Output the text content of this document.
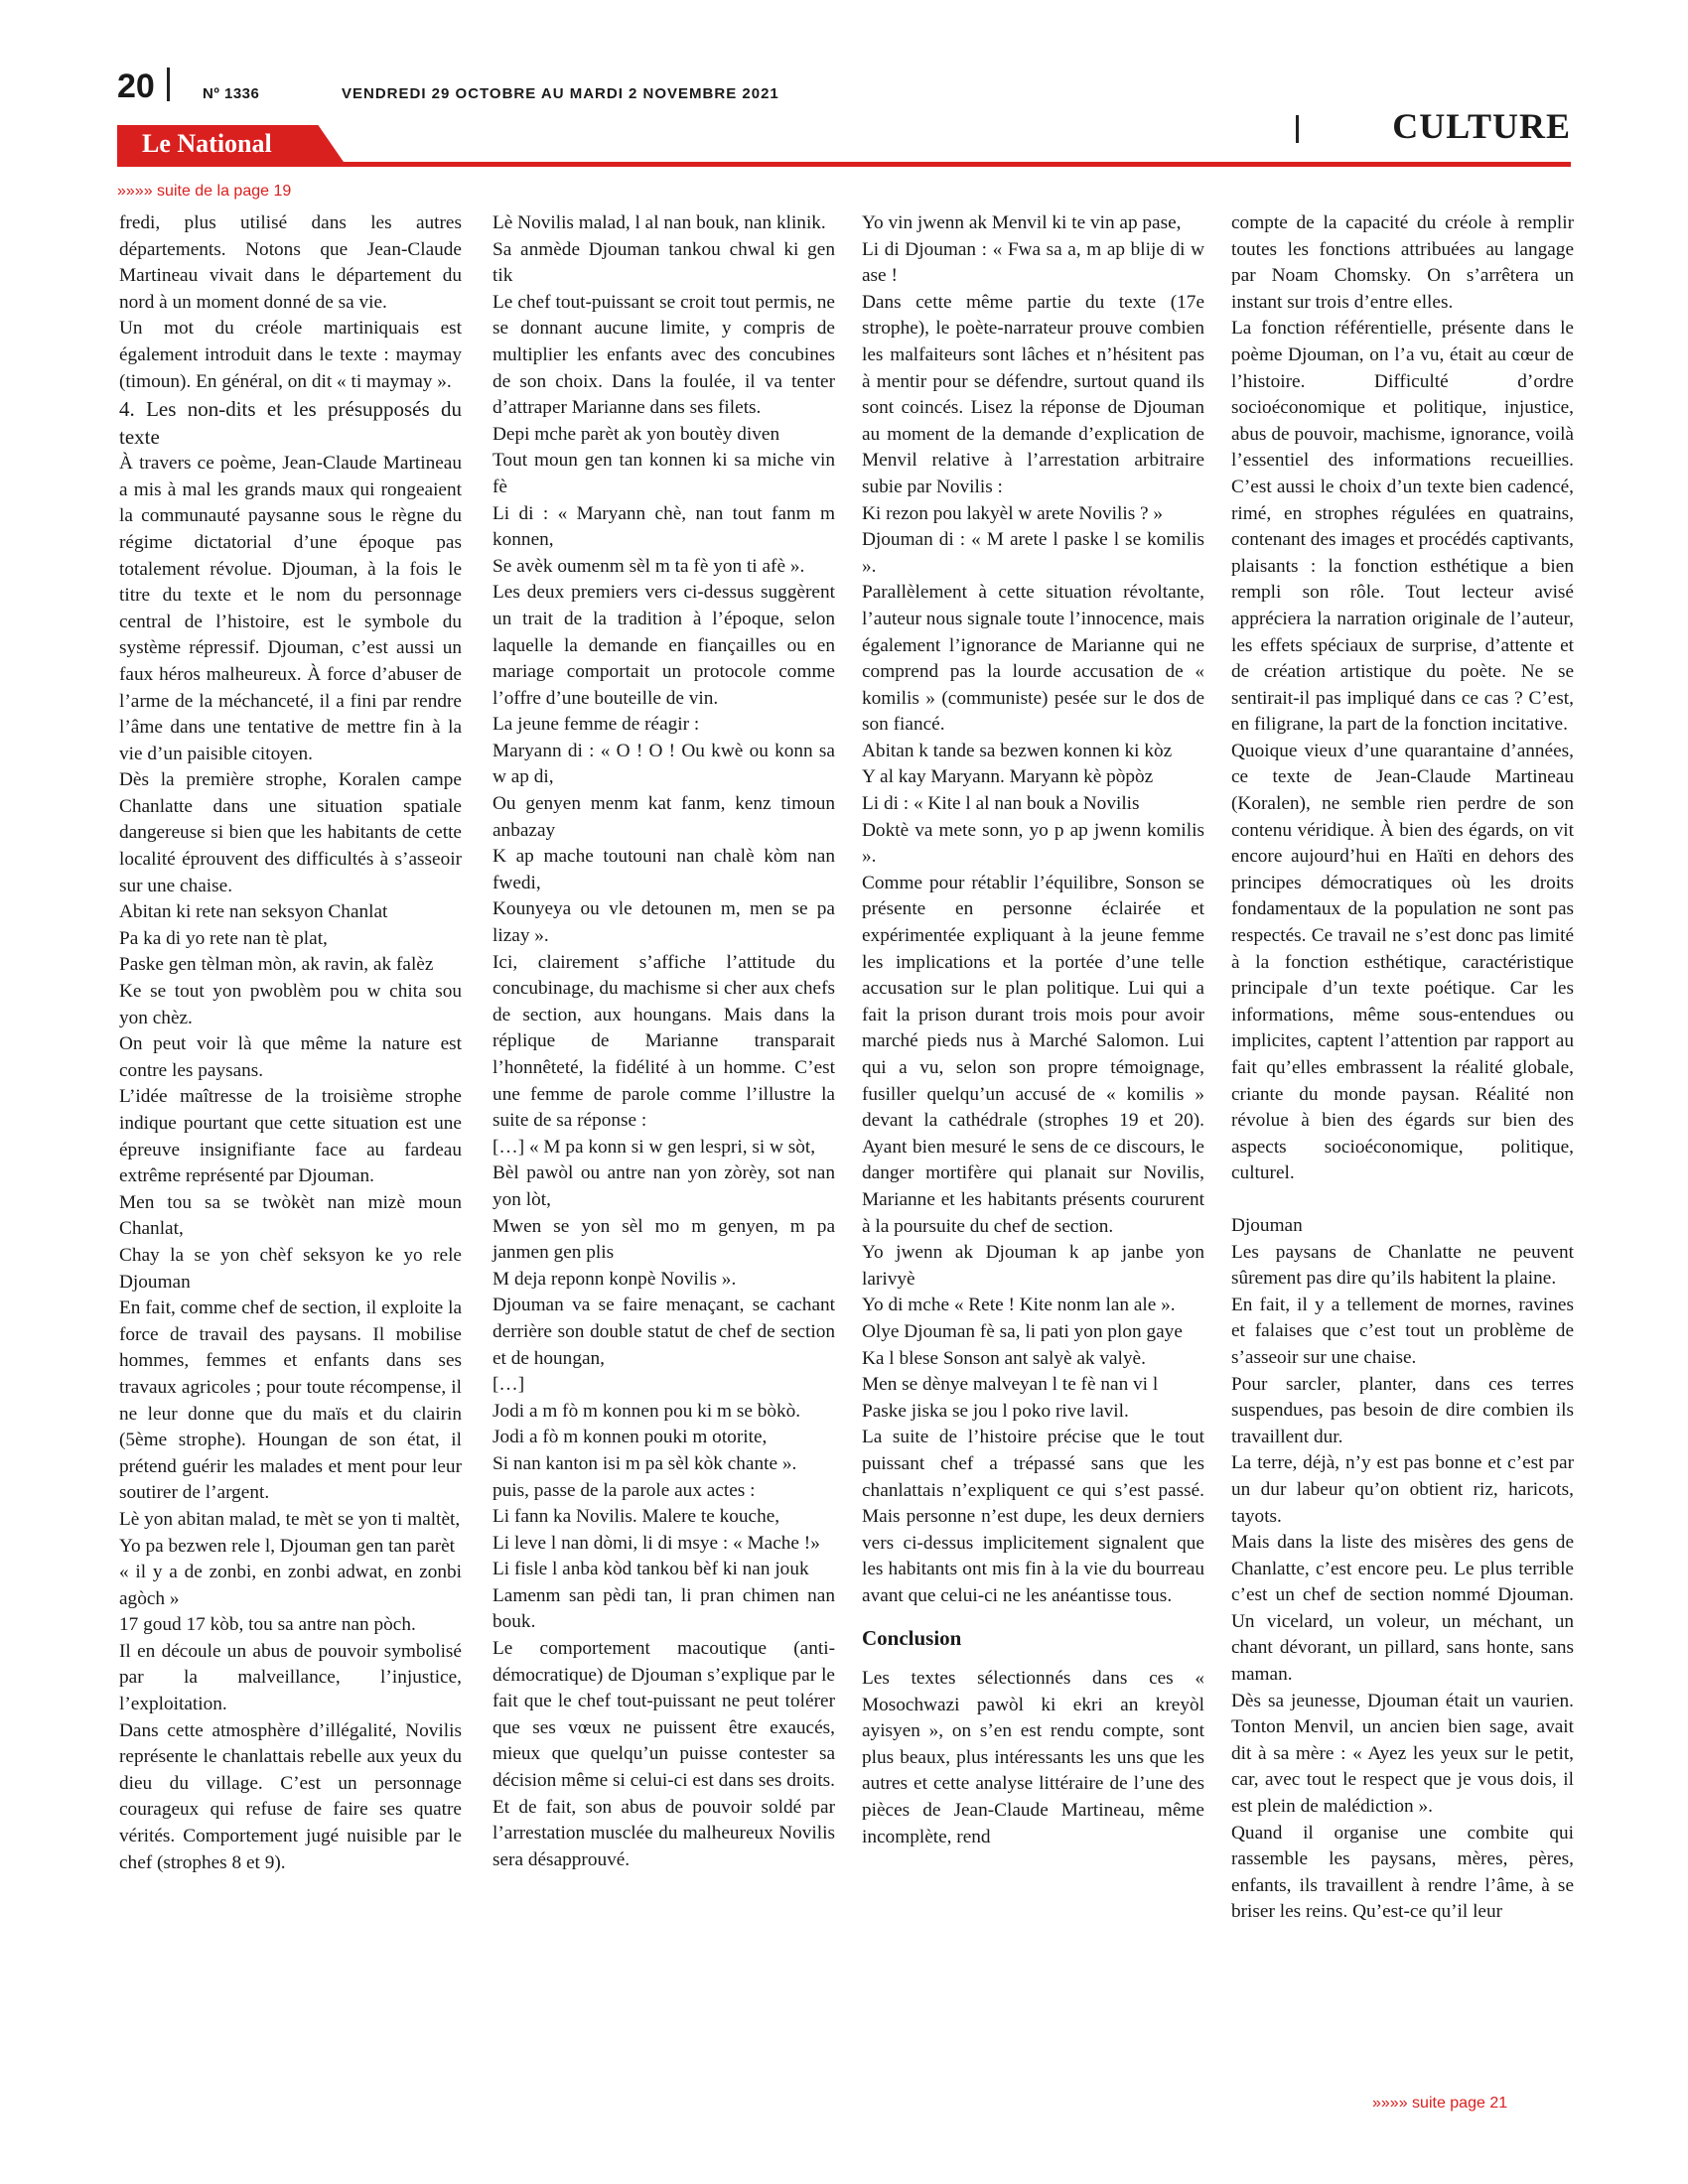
20	Nº 1336	VENDREDI 29 OCTOBRE AU MARDI 2 NOVEMBRE 2021
CULTURE
Le National
»»»» suite de la page 19

fredi, plus utilisé dans les autres départements. Notons que Jean-Claude Martineau vivait dans le département du nord à un moment donné de sa vie.

Un mot du créole martiniquais est également introduit dans le texte : maymay (timoun). En général, on dit « ti maymay ».

4. Les non-dits et les présupposés du texte

À travers ce poème, Jean-Claude Martineau a mis à mal les grands maux qui rongeaient la communauté paysanne sous le règne du régime dictatorial d’une époque pas totalement révolue. Djouman, à la fois le titre du texte et le nom du personnage central de l’histoire, est le symbole du système répressif. Djouman, c’est aussi un faux héros malheureux. À force d’abuser de l’arme de la méchanceté, il a fini par rendre l’âme dans une tentative de mettre fin à la vie d’un paisible citoyen.

Dès la première strophe, Koralen campe Chanlatte dans une situation spatiale dangereuse si bien que les habitants de cette localité éprouvent des difficultés à s’asseoir sur une chaise.

Abitan ki rete nan seksyon Chanlat

Pa ka di yo rete nan tè plat,

Paske gen tèlman mòn, ak ravin, ak falèz

Ke se tout yon pwoblèm pou w chita sou yon chèz.

On peut voir là que même la nature est contre les paysans.

L’idée maîtresse de la troisième strophe indique pourtant que cette situation est une épreuve insignifiante face au fardeau extrême représenté par Djouman.

Men tou sa se twòkèt nan mizè moun Chanlat,

Chay la se yon chèf seksyon ke yo rele Djouman

En fait, comme chef de section, il exploite la force de travail des paysans. Il mobilise hommes, femmes et enfants dans ses travaux agricoles ; pour toute récompense, il ne leur donne que du maïs et du clairin (5ème strophe). Houngan de son état, il prétend guérir les malades et ment pour leur soutirer de l’argent.

Lè yon abitan malad, te mèt se yon ti maltèt,

Yo pa bezwen rele l, Djouman gen tan parèt

« il y a de zonbi, en zonbi adwat, en zonbi agòch »

17 goud 17 kòb, tou sa antre nan pòch.

Il en découle un abus de pouvoir symbolisé par la malveillance, l’injustice, l’exploitation.

Dans cette atmosphère d’illégalité, Novilis représente le chanlattais rebelle aux yeux du dieu du village. C’est un personnage courageux qui refuse de faire ses quatre vérités. Comportement jugé nuisible par le chef (strophes 8 et 9).

Lè Novilis malad, l al nan bouk, nan klinik.

Sa anmède Djouman tankou chwal ki gen tik

Le chef tout-puissant se croit tout permis, ne se donnant aucune limite, y compris de multiplier les enfants avec des concubines de son choix. Dans la foulée, il va tenter d’attraper Marianne dans ses filets.

Depi mche parèt ak yon boutèy diven

Tout moun gen tan konnen ki sa miche vin fè

Li di : « Maryann chè, nan tout fanm m konnen,

Se avèk oumenm sèl m ta fè yon ti afè ».

Les deux premiers vers ci-dessus suggèrent un trait de la tradition à l’époque, selon laquelle la demande en fiançailles ou en mariage comportait un protocole comme l’offre d’une bouteille de vin.

La jeune femme de réagir :

Maryann di : « O ! O ! Ou kwè ou konn sa w ap di,

Ou genyen menm kat fanm, kenz timoun anbazay

K ap mache toutouni nan chalè kòm nan fwedi,

Kounyeya ou vle detounen m, men se pa lizay ».

Ici, clairement s’affiche l’attitude du concubinage, du machisme si cher aux chefs de section, aux houngans. Mais dans la réplique de Marianne transparait l’honnêteté, la fidélité à un homme. C’est une femme de parole comme l’illustre la suite de sa réponse :

[…] « M pa konn si w gen lespri, si w sòt,

Bèl pawòl ou antre nan yon zòrèy, sot nan yon lòt,

Mwen se yon sèl mo m genyen, m pa janmen gen plis

M deja reponn konpè Novilis ».

Djouman va se faire menaçant, se cachant derrière son double statut de chef de section et de houngan,

[…]

Jodi a m fò m konnen pou ki m se bòkò.

Jodi a fò m konnen pouki m otorite,

Si nan kanton isi m pa sèl kòk chante ».

puis, passe de la parole aux actes :

Li fann ka Novilis. Malere te kouche,

Li leve l nan dòmi, li di msye : « Mache !»

Li fisle l anba kòd tankou bèf ki nan jouk

Lamenm san pèdi tan, li pran chimen nan bouk.

Le comportement macoutique (anti-démocratique) de Djouman s’explique par le fait que le chef tout-puissant ne peut tolérer que ses vœux ne puissent être exaucés, mieux que quelqu’un puisse contester sa décision même si celui-ci est dans ses droits. Et de fait, son abus de pouvoir soldé par l’arrestation musclée du malheureux Novilis sera désapprouvé.

Yo vin jwenn ak Menvil ki te vin ap pase,

Li di Djouman : « Fwa sa a, m ap blije di w ase !

Dans cette même partie du texte (17e strophe), le poète-narrateur prouve combien les malfaiteurs sont lâches et n’hésitent pas à mentir pour se défendre, surtout quand ils sont coincés. Lisez la réponse de Djouman au moment de la demande d’explication de Menvil relative à l’arrestation arbitraire subie par Novilis :

Ki rezon pou lakyèl w arete Novilis ? »

Djouman di : « M arete l paske l se komilis ».

Parallèlement à cette situation révoltante, l’auteur nous signale toute l’innocence, mais également l’ignorance de Marianne qui ne comprend pas la lourde accusation de « komilis » (communiste) pesée sur le dos de son fiancé.

Abitan k tande sa bezwen konnen ki kòz

Y al kay Maryann. Maryann kè pòpòz

Li di : « Kite l al nan bouk a Novilis

Doktè va mete sonn, yo p ap jwenn komilis ».

Comme pour rétablir l’équilibre, Sonson se présente en personne éclairée et expérimentée expliquant à la jeune femme les implications et la portée d’une telle accusation sur le plan politique. Lui qui a fait la prison durant trois mois pour avoir marché pieds nus à Marché Salomon. Lui qui a vu, selon son propre témoignage, fusiller quelqu’un accusé de « komilis » devant la cathédrale (strophes 19 et 20). Ayant bien mesuré le sens de ce discours, le danger mortifère qui planait sur Novilis, Marianne et les habitants présents coururent à la poursuite du chef de section.

Yo jwenn ak Djouman k ap janbe yon larivyè

Yo di mche « Rete ! Kite nonm lan ale ».

Olye Djouman fè sa, li pati yon plon gaye

Ka l blese Sonson ant salyè ak valyè.

Men se dènye malveyan l te fè nan vi l

Paske jiska se jou l poko rive lavil.

La suite de l’histoire précise que le tout puissant chef a trépassé sans que les chanlattais n’expliquent ce qui s’est passé. Mais personne n’est dupe, les deux derniers vers ci-dessus implicitement signalent que les habitants ont mis fin à la vie du bourreau avant que celui-ci ne les anéantisse tous.

Conclusion

Les textes sélectionnés dans ces « Mosochwazi pawòl ki ekri an kreyòl ayisyen », on s’en est rendu compte, sont plus beaux, plus intéressants les uns que les autres et cette analyse littéraire de l’une des pièces de Jean-Claude Martineau, même incomplète, rend

compte de la capacité du créole à remplir toutes les fonctions attribuées au langage par Noam Chomsky. On s’arrêtera un instant sur trois d’entre elles.

La fonction référentielle, présente dans le poème Djouman, on l’a vu, était au cœur de l’histoire. Difficulté d’ordre socioéconomique et politique, injustice, abus de pouvoir, machisme, ignorance, voilà l’essentiel des informations recueillies. C’est aussi le choix d’un texte bien cadencé, rimé, en strophes régulées en quatrains, contenant des images et procédés captivants, plaisants : la fonction esthétique a bien rempli son rôle. Tout lecteur avisé appréciera la narration originale de l’auteur, les effets spéciaux de surprise, d’attente et de création artistique du poète. Ne se sentirait-il pas impliqué dans ce cas ? C’est, en filigrane, la part de la fonction incitative.

Quoique vieux d’une quarantaine d’années, ce texte de Jean-Claude Martineau (Koralen), ne semble rien perdre de son contenu véridique. À bien des égards, on vit encore aujourd’hui en Haïti en dehors des principes démocratiques où les droits fondamentaux de la population ne sont pas respectés. Ce travail ne s’est donc pas limité à la fonction esthétique, caractéristique principale d’un texte poétique. Car les informations, même sous-entendues ou implicites, captent l’attention par rapport au fait qu’elles embrassent la réalité globale, criante du monde paysan. Réalité non révolue à bien des égards sur bien des aspects socioéconomique, politique, culturel.

Djouman

Les paysans de Chanlatte ne peuvent sûrement pas dire qu’ils habitent la plaine.

En fait, il y a tellement de mornes, ravines et falaises que c’est tout un problème de s’asseoir sur une chaise.

Pour sarcler, planter, dans ces terres suspendues, pas besoin de dire combien ils travaillent dur.

La terre, déjà, n’y est pas bonne et c’est par un dur labeur qu’on obtient riz, haricots, tayots.

Mais dans la liste des misères des gens de Chanlatte, c’est encore peu. Le plus terrible c’est un chef de section nommé Djouman. Un vicelard, un voleur, un méchant, un chant dévorant, un pillard, sans honte, sans maman.

Dès sa jeunesse, Djouman était un vaurien. Tonton Menvil, un ancien bien sage, avait dit à sa mère : « Ayez les yeux sur le petit, car, avec tout le respect que je vous dois, il est plein de malédiction ».

Quand il organise une combite qui rassemble les paysans, mères, pères, enfants, ils travaillent à rendre l’âme, à se briser les reins. Qu’est-ce qu’il leur

»»»» suite page 21
